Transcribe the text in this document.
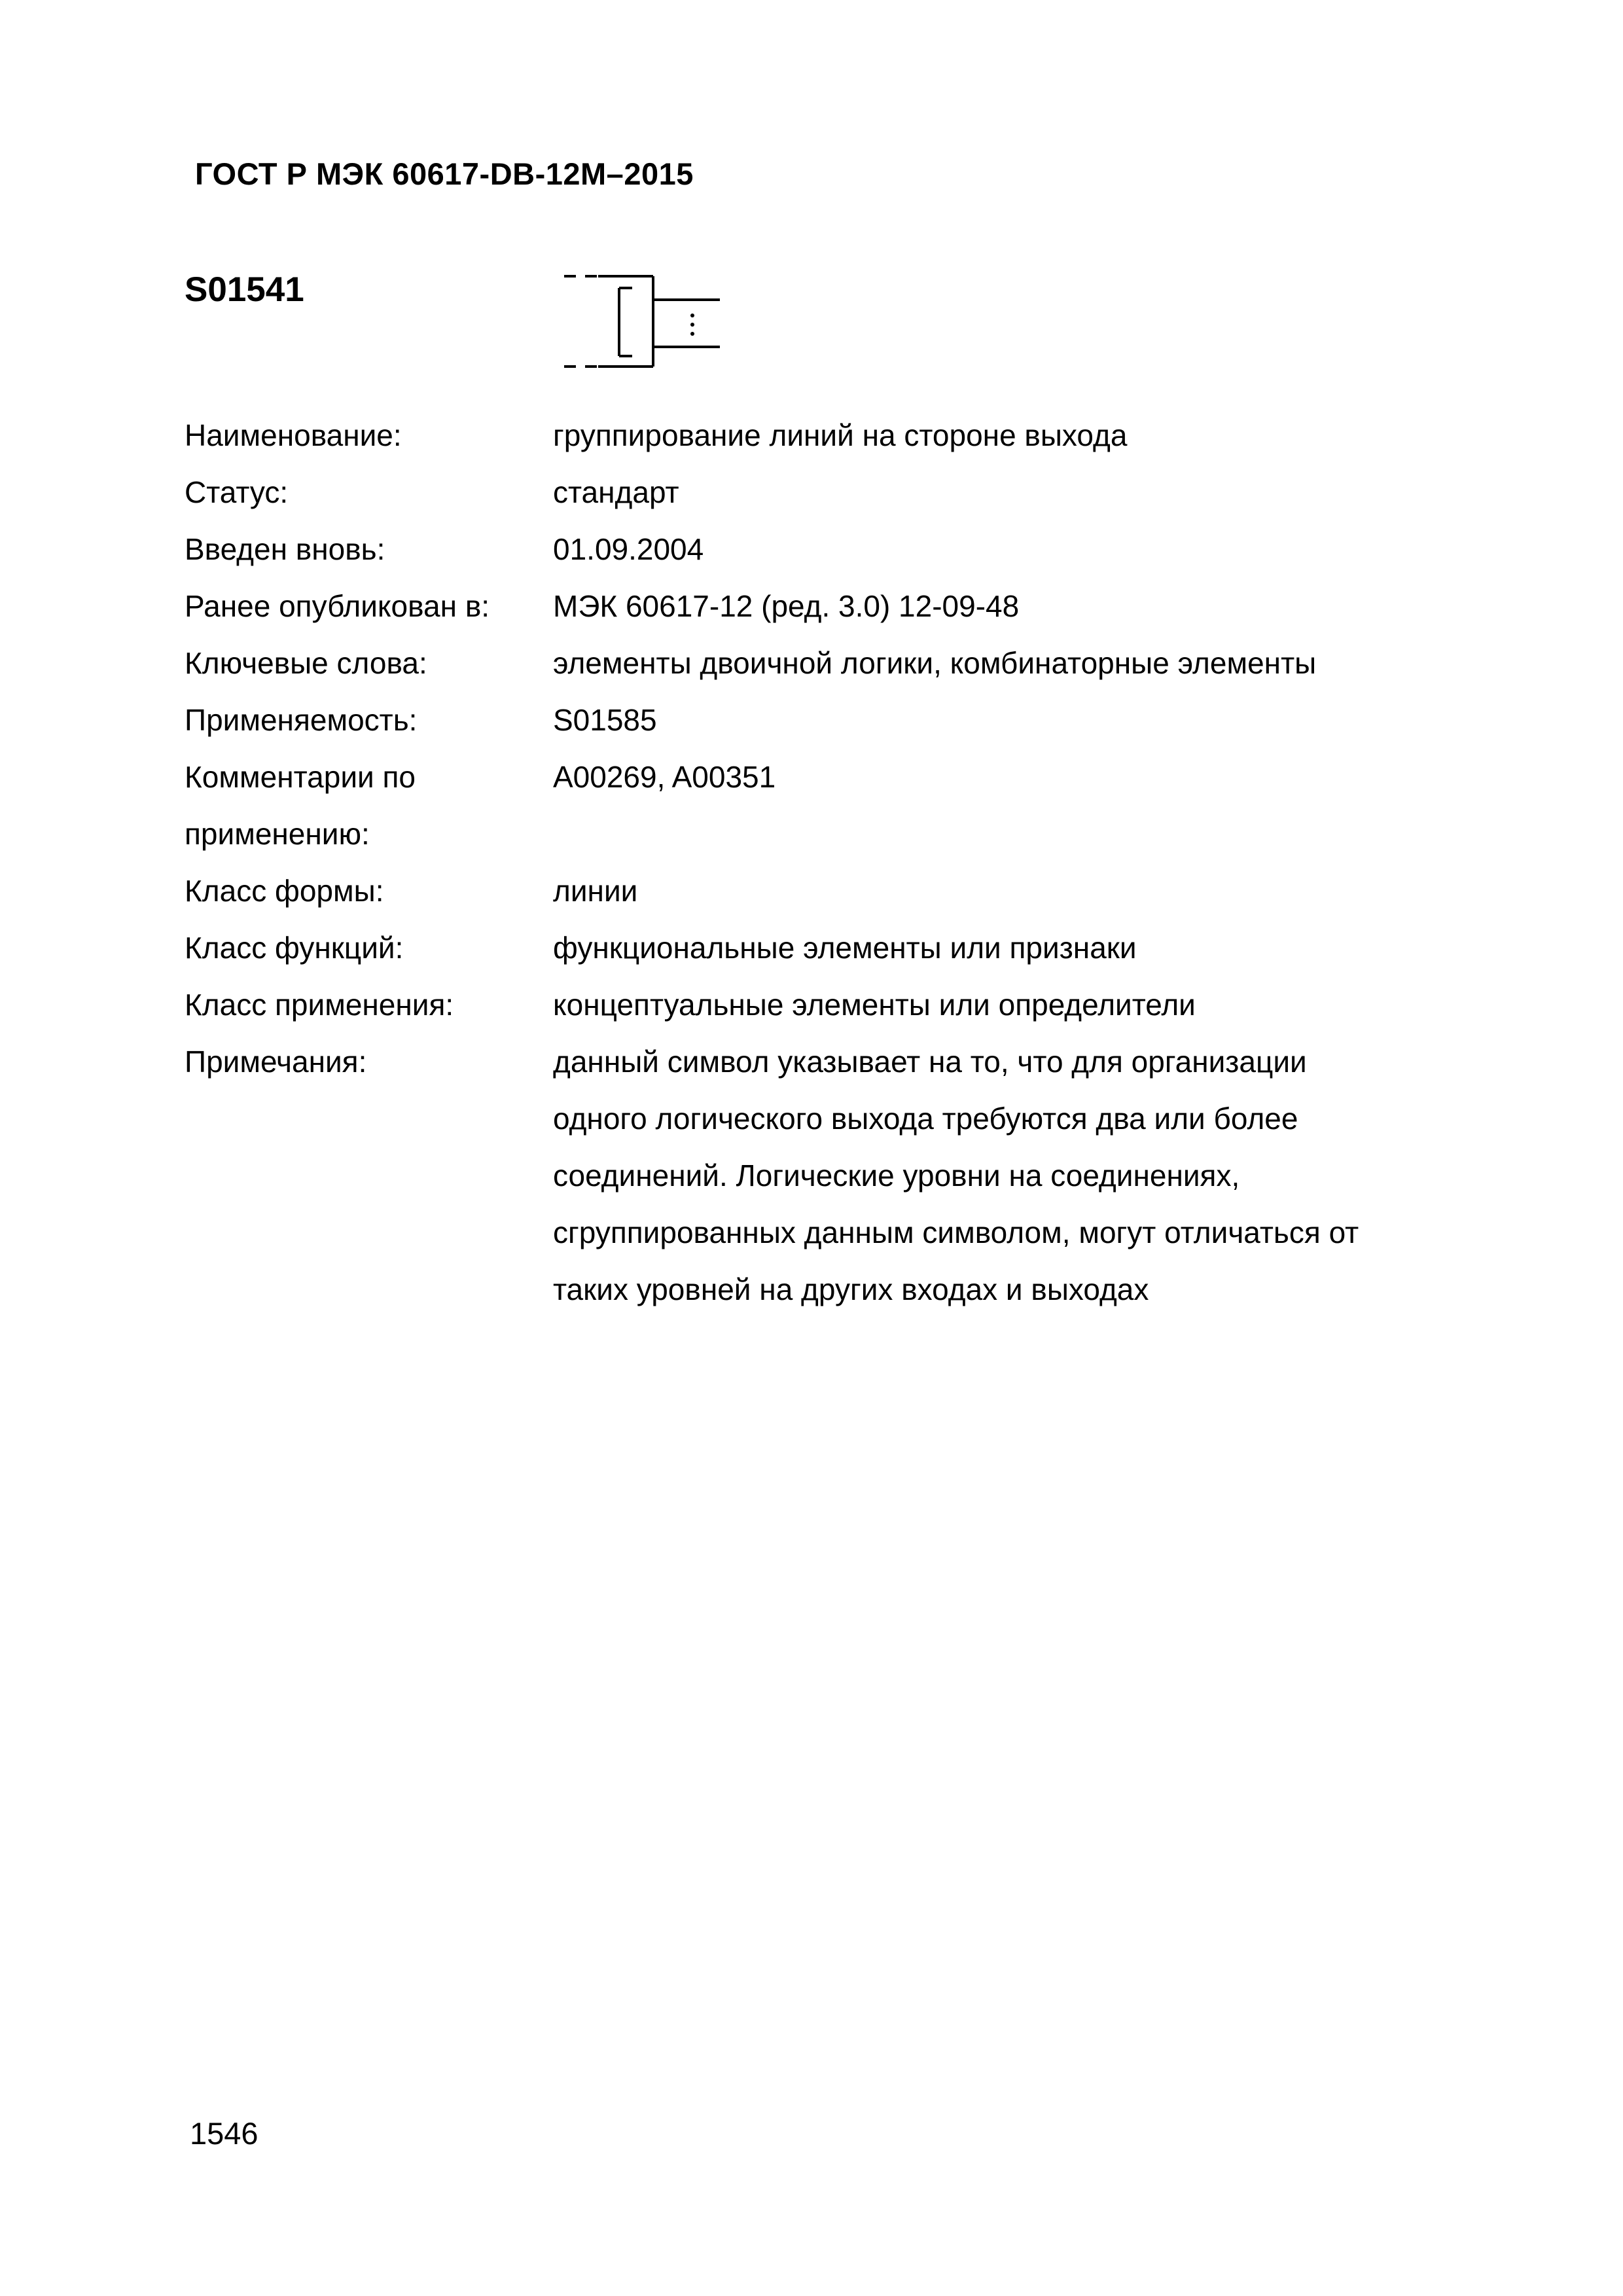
ГОСТ Р МЭК 60617-DB-12M–2015
S01541
Наименование:	группирование линий на стороне выхода
Статус:	стандарт
Введен вновь:	01.09.2004
Ранее опубликован в:	МЭК 60617-12 (ред. 3.0) 12-09-48
Ключевые слова:	элементы двоичной логики, комбинаторные элементы
Применяемость:	S01585
Комментарии по
применению:
A00269, A00351
Класс формы:	линии
Класс функций:	функциональные элементы или признаки
Класс применения:	концептуальные элементы или определители
Примечания:	данный символ указывает на то, что для организации
одного логического выхода требуются два или более
соединений. Логические уровни на соединениях,
сгруппированных данным символом, могут отличаться от
таких уровней на других входах и выходах
1546
